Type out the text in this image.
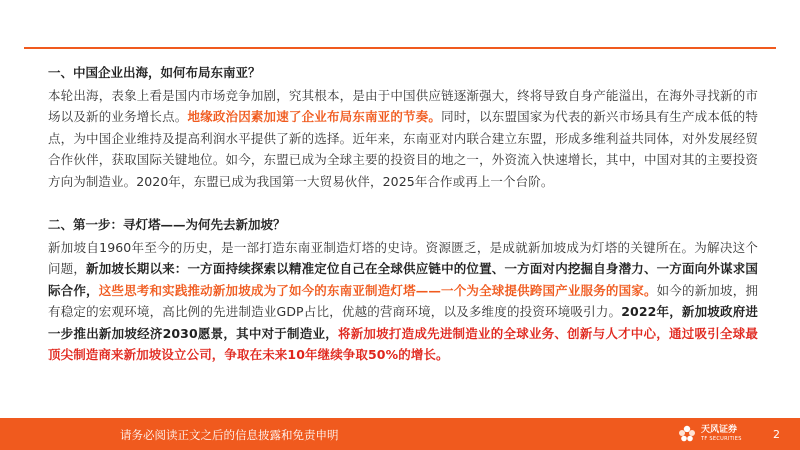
一、中国企业出海，如何布局东南亚？
本轮出海，表象上看是国内市场竞争加剧，究其根本，是由于中国供应链逐渐强大，终将导致自身产能溢出，在海外寻找新的市场以及新的业务增长点。地缘政治因素加速了企业布局东南亚的节奏。同时，以东盟国家为代表的新兴市场具有生产成本低的特点，为中国企业维持及提高利润水平提供了新的选择。近年来，东南亚对内联合建立东盟，形成多维利益共同体，对外发展经贸合作伙伴，获取国际关键地位。如今，东盟已成为全球主要的投资目的地之一，外资流入快速增长，其中，中国对其的主要投资方向为制造业。2020年，东盟已成为我国第一大贸易伙伴，2025年合作或再上一个台阶。
二、第一步：寻灯塔——为何先去新加坡？
新加坡自1960年至今的历史，是一部打造东南亚制造灯塔的史诗。资源匮乏，是成就新加坡成为灯塔的关键所在。为解决这个问题，新加坡长期以来：一方面持续探索以精准定位自己在全球供应链中的位置、一方面对内挖掘自身潜力、一方面向外谋求国际合作，这些思考和实践推动新加坡成为了如今的东南亚制造灯塔——一个为全球提供跨国产业服务的国家。如今的新加坡，拥有稳定的宏观环境，高比例的先进制造业GDP占比，优越的营商环境，以及多维度的投资环境吸引力。2022年，新加坡政府进一步推出新加坡经济2030愿景，其中对于制造业，将新加坡打造成先进制造业的全球业务、创新与人才中心，通过吸引全球最顶尖制造商来新加坡设立公司，争取在未来10年继续争取50%的增长。
请务必阅读正文之后的信息披露和免责申明	天风证券
TF SECURITIES	2
